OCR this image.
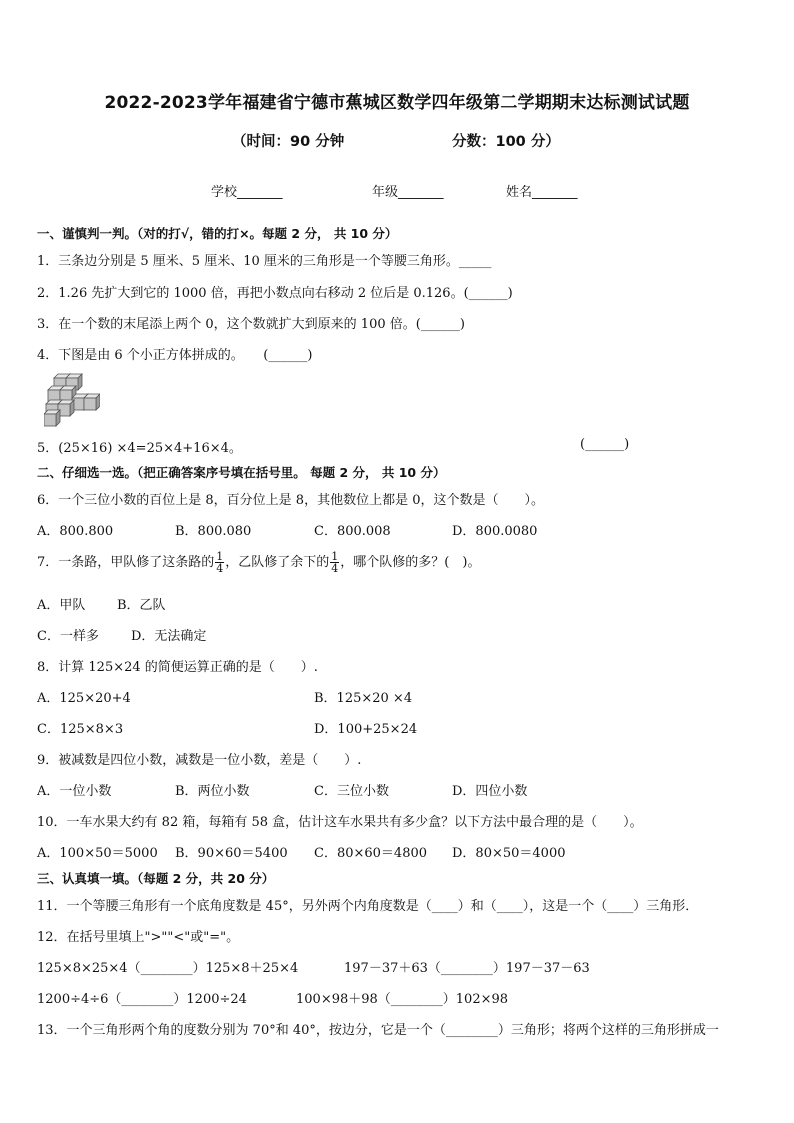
2022-2023学年福建省宁德市蕉城区数学四年级第二学期期末达标测试试题
（时间：90 分钟	分数：100 分）
学校_______	年级_______	姓名_______
一、谨慎判一判。（对的打√，错的打×。每题 2 分， 共 10 分）
1．三条边分别是 5 厘米、5 厘米、10 厘米的三角形是一个等腰三角形。_____
2．1.26 先扩大到它的 1000 倍，再把小数点向右移动 2 位后是 0.126。(______)
3．在一个数的末尾添上两个 0，这个数就扩大到原来的 100 倍。(______)
4．下图是由 6 个小正方体拼成的。　　(______)
5．(25×16) ×4=25×4+16×4。	(______)
二、仔细选一选。（把正确答案序号填在括号里。 每题 2 分， 共 10 分）
6．一个三位小数的百位上是 8，百分位上是 8，其他数位上都是 0，这个数是（　　）。
A．800.800	B．800.080	C．800.008	D．800.0080
7．一条路，甲队修了这条路的 $\frac{1}{4}$ ，乙队修了余下的 $\frac{1}{4}$ ，哪个队修的多？(　)。
A．甲队 B．乙队
C．一样多 D．无法确定
8．计算 125×24 的简便运算正确的是（　　）.
A．125×20+4	B．125×20 ×4
C．125×8×3	D．100+25×24
9．被减数是四位小数，减数是一位小数，差是（　　）.
A．一位小数	B．两位小数	C．三位小数	D．四位小数
10．一车水果大约有 82 箱，每箱有 58 盒，估计这车水果共有多少盒？以下方法中最合理的是（　　）。
A．100×50＝5000 B．90×60＝5400 C．80×60＝4800 D．80×50＝4000
三、认真填一填。（每题 2 分，共 20 分）
11．一个等腰三角形有一个底角度数是 45°，另外两个内角度数是（____）和（____），这是一个（____）三角形．
12．在括号里填上">""<"或"="。
125×8×25×4（________）125×8＋25×4	197－37＋63（________）197－37－63
1200÷4÷6（________）1200÷24	100×98＋98（________）102×98
13．一个三角形两个角的度数分别为 70°和 40°，按边分，它是一个（________）三角形；将两个这样的三角形拼成一
